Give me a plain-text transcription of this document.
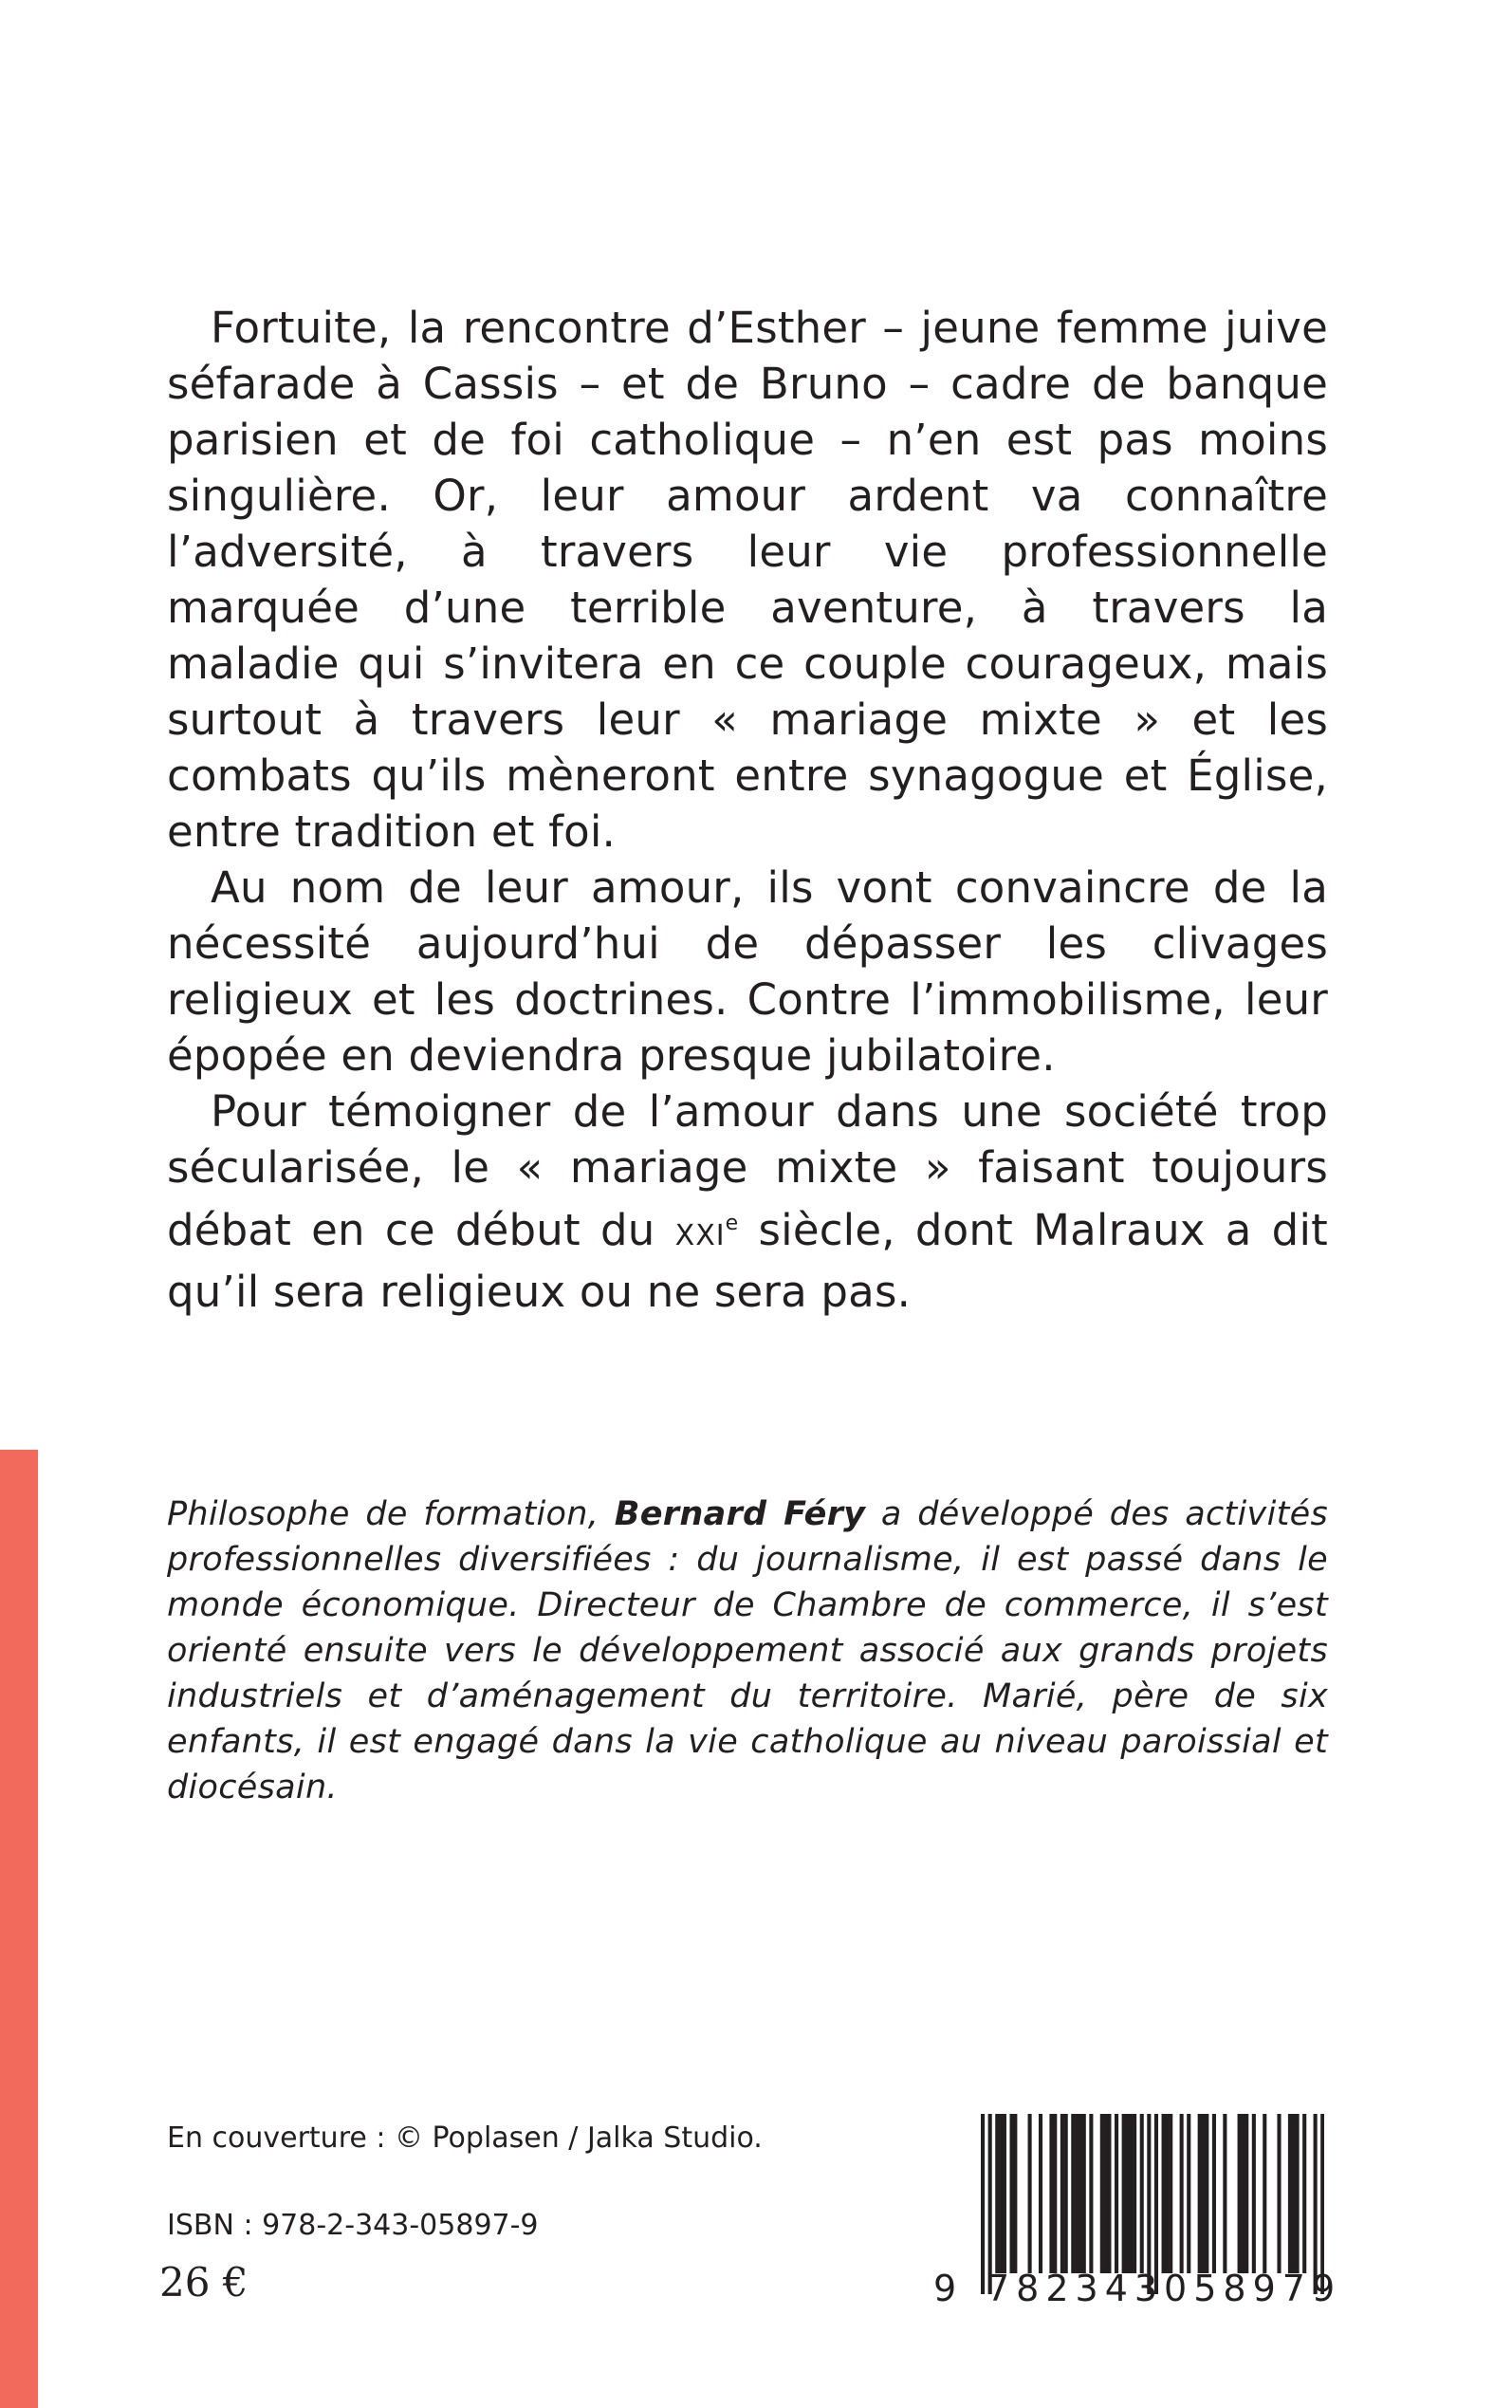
Fortuite, la rencontre d’Esther – jeune femme juive séfarade à Cassis – et de Bruno – cadre de banque parisien et de foi catholique – n’en est pas moins singulière. Or, leur amour ardent va connaître l’adversité, à travers leur vie professionnelle marquée d’une terrible aventure, à travers la maladie qui s’invitera en ce couple courageux, mais surtout à travers leur « mariage mixte » et les combats qu’ils mèneront entre synagogue et Église, entre tradition et foi.

Au nom de leur amour, ils vont convaincre de la nécessité aujourd’hui de dépasser les clivages religieux et les doctrines. Contre l’immobilisme, leur épopée en deviendra presque jubilatoire.

Pour témoigner de l’amour dans une société trop sécularisée, le « mariage mixte » faisant toujours débat en ce début du XXIe siècle, dont Malraux a dit qu’il sera religieux ou ne sera pas.

Philosophe de formation, Bernard Féry a développé des activités professionnelles diversifiées : du journalisme, il est passé dans le monde économique. Directeur de Chambre de commerce, il s’est orienté ensuite vers le développement associé aux grands projets industriels et d’aménagement du territoire. Marié, père de six enfants, il est engagé dans la vie catholique au niveau paroissial et diocésain.

En couverture : © Poplasen / Jalka Studio.

ISBN : 978-2-343-05897-9

26 €	9 782343058979
